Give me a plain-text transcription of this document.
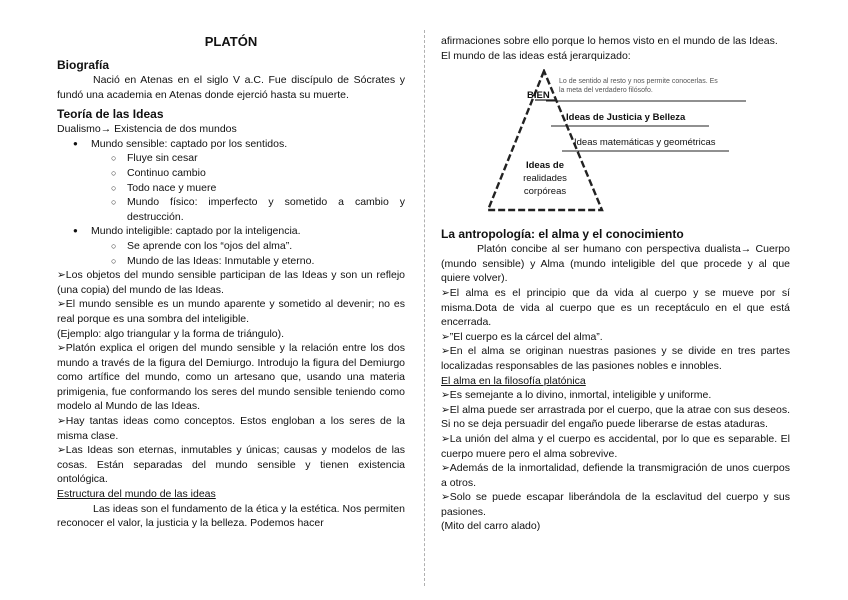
PLATÓN
Biografía

Nació en Atenas en el siglo V a.C. Fue discípulo de Sócrates y fundó una academia en Atenas donde ejerció hasta su muerte.

Teoría de las Ideas

Dualismo→ Existencia de dos mundos

● Mundo sensible: captado por los sentidos.
○ Fluye sin cesar
○ Continuo cambio
○ Todo nace y muere
○ Mundo físico: imperfecto y sometido a cambio y destrucción.
● Mundo inteligible: captado por la inteligencia.
○ Se aprende con los “ojos del alma”.
○ Mundo de las Ideas: Inmutable y eterno.

➢Los objetos del mundo sensible participan de las Ideas y son un reflejo (una copia) del mundo de las Ideas.

➢El mundo sensible es un mundo aparente y sometido al devenir; no es real porque es una sombra del inteligible.

(Ejemplo: algo triangular y la forma de triángulo).

➢Platón explica el origen del mundo sensible y la relación entre los dos mundo a través de la figura del Demiurgo. Introdujo la figura del Demiurgo como artífice del mundo, como un artesano que, usando una materia primigenia, fue conformando los seres del mundo sensible teniendo como modelo al Mundo de las Ideas.

➢Hay tantas ideas como conceptos. Estos engloban a los seres de la misma clase.

➢Las Ideas son eternas, inmutables y únicas; causas y modelos de las cosas. Están separadas del mundo sensible y tienen existencia ontológica.

Estructura del mundo de las ideas

Las ideas son el fundamento de la ética y la estética. Nos permiten reconocer el valor, la justicia y la belleza. Podemos hacer

afirmaciones sobre ello porque lo hemos visto en el mundo de las Ideas.

El mundo de las ideas está jerarquizado:

BIEN
Lo de sentido al resto y nos permite conocerlas. Es
la meta del verdadero filósofo.
Ideas de Justicia y Belleza
Ideas matemáticas y geométricas
Ideas de
realidades
corpóreas
La antropología: el alma y el conocimiento

Platón concibe al ser humano con perspectiva dualista→ Cuerpo (mundo sensible) y Alma (mundo inteligible del que procede y al que quiere volver).

➢El alma es el principio que da vida al cuerpo y se mueve por sí misma.Dota de vida al cuerpo que es un receptáculo en el que está encerrada.

➢”El cuerpo es la cárcel del alma”.

➢En el alma se originan nuestras pasiones y se divide en tres partes localizadas responsables de las pasiones nobles e innobles.

El alma en la filosofía platónica

➢Es semejante a lo divino, inmortal, inteligible y uniforme.

➢El alma puede ser arrastrada por el cuerpo, que la atrae con sus deseos. Si no se deja persuadir del engaño puede liberarse de estas ataduras.

➢La unión del alma y el cuerpo es accidental, por lo que es separable. El cuerpo muere pero el alma sobrevive.

➢Además de la inmortalidad, defiende la transmigración de unos cuerpos a otros.

➢Solo se puede escapar liberándola de la esclavitud del cuerpo y sus pasiones.

(Mito del carro alado)
